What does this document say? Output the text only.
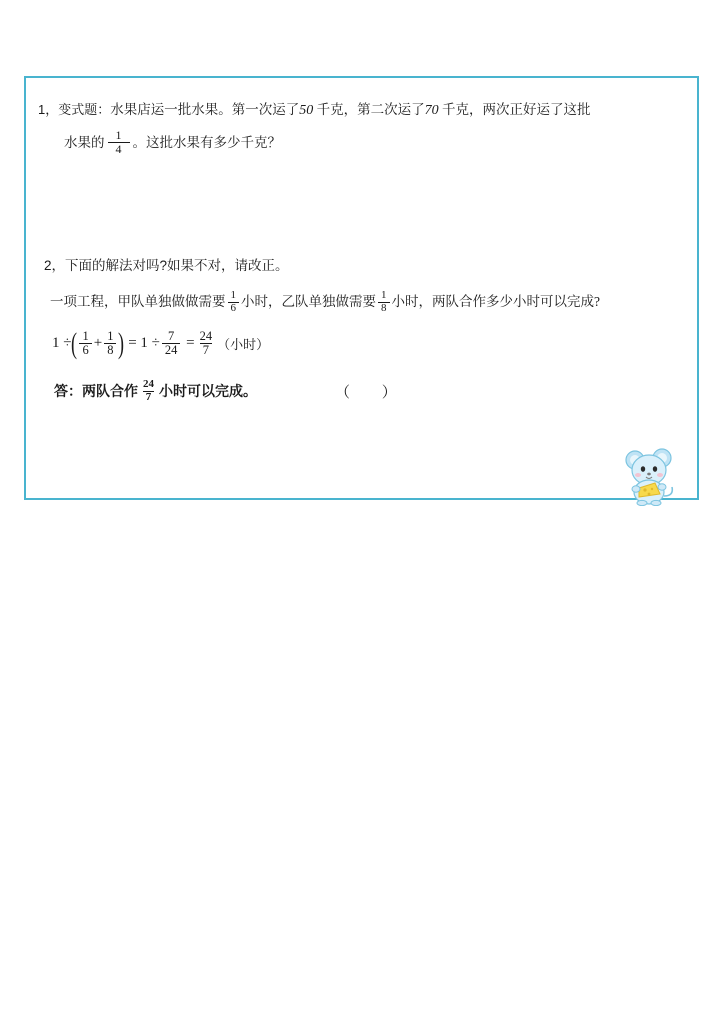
1，变式题：水果店运一批水果。第一次运了50 千克，第二次运了70 千克，两次正好运了这批
水果的 $\frac{1}{4}$ 。这批水果有多少千克？
2，下面的解法对吗?如果不对，请改正。
一项工程，甲队单独做做需要 $\frac{1}{6}$ 小时，乙队单独做需要 $\frac{1}{8}$ 小时，两队合作多少小时可以完成?
1 ÷ ( $\frac{1}{6} + \frac{1}{8}$ )
= $1 \div \frac{7}{24}$
= $\frac{24}{7}$ （小时）
答： 两队合作 $\frac{24}{7}$ 小时可以完成。	（ ）
